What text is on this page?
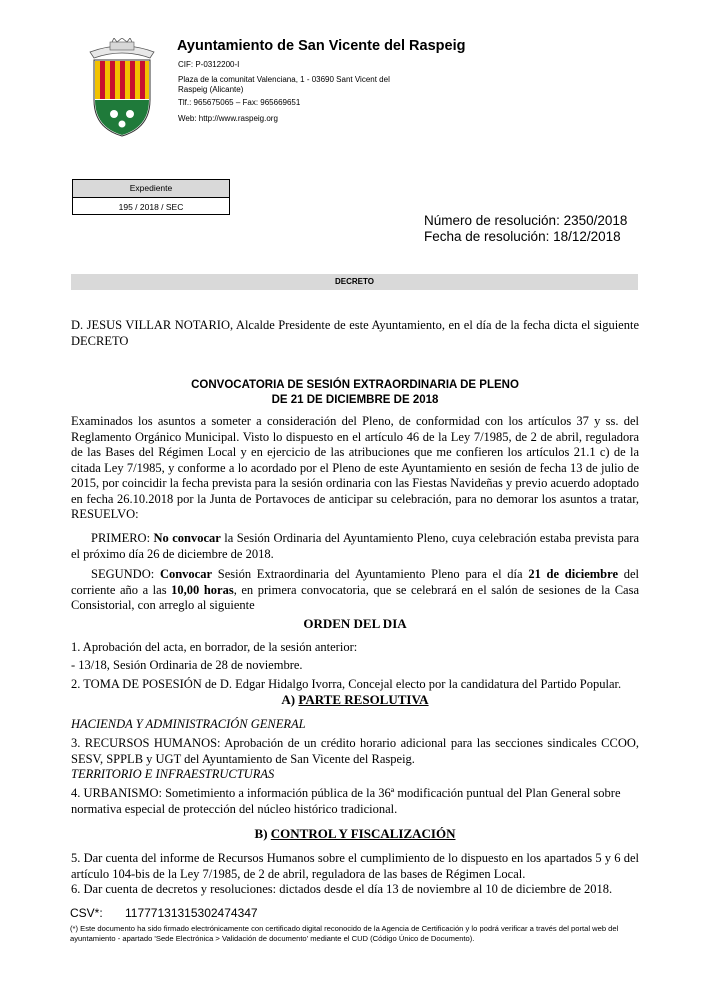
Ayuntamiento de San Vicente del Raspeig
CIF: P-0312200-I
Plaza de la comunitat Valenciana, 1 - 03690 Sant Vicent del Raspeig (Alicante)
Tlf.: 965675065 – Fax: 965669651
Web: http://www.raspeig.org
Expediente
195 / 2018 / SEC
Número de resolución: 2350/2018
Fecha de resolución: 18/12/2018
DECRETO
D. JESUS VILLAR NOTARIO, Alcalde Presidente de este Ayuntamiento, en el día de la fecha dicta el siguiente DECRETO
CONVOCATORIA DE SESIÓN EXTRAORDINARIA DE PLENO
DE 21 DE DICIEMBRE DE 2018
Examinados los asuntos a someter a consideración del Pleno, de conformidad con los artículos 37 y ss. del Reglamento Orgánico Municipal. Visto lo dispuesto en el artículo 46 de la Ley 7/1985, de 2 de abril, reguladora de las Bases del Régimen Local y en ejercicio de las atribuciones que me confieren los artículos 21.1 c) de la citada Ley 7/1985, y conforme a lo acordado por el Pleno de este Ayuntamiento en sesión de fecha 13 de julio de 2015, por coincidir la fecha prevista para la sesión ordinaria con las Fiestas Navideñas y previo acuerdo adoptado en fecha 26.10.2018 por la Junta de Portavoces de anticipar su celebración, para no demorar los asuntos a tratar, RESUELVO:
PRIMERO: No convocar la Sesión Ordinaria del Ayuntamiento Pleno, cuya celebración estaba prevista para el próximo día 26 de diciembre de 2018.
SEGUNDO: Convocar Sesión Extraordinaria del Ayuntamiento Pleno para el día 21 de diciembre del corriente año a las 10,00 horas, en primera convocatoria, que se celebrará en el salón de sesiones de la Casa Consistorial, con arreglo al siguiente
ORDEN DEL DIA
1. Aprobación del acta, en borrador, de la sesión anterior:
- 13/18, Sesión Ordinaria de 28 de noviembre.
2. TOMA DE POSESIÓN de D. Edgar Hidalgo Ivorra, Concejal electo por la candidatura del Partido Popular.
A) PARTE RESOLUTIVA
HACIENDA Y ADMINISTRACIÓN GENERAL
3. RECURSOS HUMANOS: Aprobación de un crédito horario adicional para las secciones sindicales CCOO, SESV, SPPLB y UGT del Ayuntamiento de San Vicente del Raspeig.
TERRITORIO E INFRAESTRUCTURAS
4. URBANISMO: Sometimiento a información pública de la 36ª modificación puntual del Plan General sobre normativa especial de protección del núcleo histórico tradicional.
B) CONTROL Y FISCALIZACIÓN
5. Dar cuenta del informe de Recursos Humanos sobre el cumplimiento de lo dispuesto en los apartados 5 y 6 del artículo 104-bis de la Ley 7/1985, de 2 de abril, reguladora de las bases de Régimen Local.
6. Dar cuenta de decretos y resoluciones: dictados desde el día 13 de noviembre al 10 de diciembre de 2018.
CSV*: 11777131315302474347
(*) Este documento ha sido firmado electrónicamente con certificado digital reconocido de la Agencia de Certificación y lo podrá verificar a través del portal web del ayuntamiento - apartado 'Sede Electrónica > Validación de documento' mediante el CUD (Código Único de Documento).
